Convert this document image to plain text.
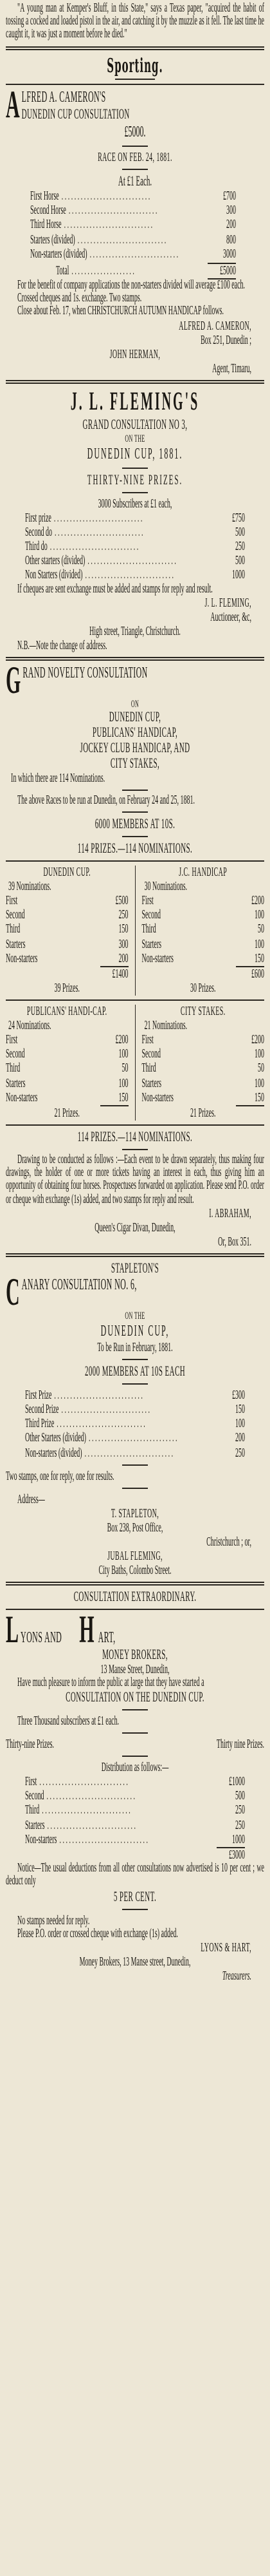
"A young man at Kemper's Bluff, in this State," says a Texas paper, "acquired the habit of tossing a cocked and loaded pistol in the air, and catching it by the muzzle as it fell. The last time he caught it, it was just a moment before he died."

Sporting.

A LFRED A. CAMERON'S
DUNEDIN CUP CONSULTATION

£5000.

RACE ON FEB. 24, 1881.

At £1 Each.

First Horse . . . . . . . . . . . . . . . . . . . . . . . . . . . .	£700
Second Horse . . . . . . . . . . . . . . . . . . . . . . . . . . . .	300
Third Horse . . . . . . . . . . . . . . . . . . . . . . . . . . . .	200
Starters (divided) . . . . . . . . . . . . . . . . . . . . . . . . . . . .	800
Non-starters (divided) . . . . . . . . . . . . . . . . . . . . . . . . . . . .	3000
Total . . . . . . . . . . . . . . . . . . . .	£5000

For the benefit of company applications the non-starters divided will average £100 each.

Crossed cheques and 1s. exchange. Two stamps.

Close about Feb. 17, when CHRISTCHURCH AUTUMN HANDICAP follows.

ALFRED A. CAMERON,

Box 251, Dunedin ;

JOHN HERMAN,

Agent, Timaru,

J. L. FLEMING'S

GRAND CONSULTATION NO 3,

ON THE

DUNEDIN CUP, 1881.

THIRTY-NINE PRIZES.

3000 Subscribers at £1 each,

First prize . . . . . . . . . . . . . . . . . . . . . . . . . . . .	£750
Second do . . . . . . . . . . . . . . . . . . . . . . . . . . . .	500
Third do . . . . . . . . . . . . . . . . . . . . . . . . . . . .	250
Other starters (divided) . . . . . . . . . . . . . . . . . . . . . . . . . . . .	500
Non Starters (divided) . . . . . . . . . . . . . . . . . . . . . . . . . . . .	1000

If cheques are sent exchange must be added and stamps for reply and result.

J. L. FLEMING,

Auctioneer, &c,

High street, Triangle, Christchurch.

N.B.—Note the change of address.

G RAND NOVELTY CONSULTATION

ON

DUNEDIN CUP,

PUBLICANS' HANDICAP,

JOCKEY CLUB HANDICAP, AND

CITY STAKES,

In which there are 114 Nominations.

The above Races to be run at Dunedin, on February 24 and 25, 1881.

6000 MEMBERS AT 10S.

114 PRIZES.—114 NOMINATIONS.

DUNEDIN CUP.

39 Nominations.

First	£500
Second	250
Third	150
Starters	300
Non-starters	200
£1400

39 Prizes.

J.C. HANDICAP

30 Nominations.

First	£200
Second	100
Third	50
Starters	100
Non-starters	150
£600

30 Prizes.

PUBLICANS' HANDI-CAP.

24 Nominations.

First	£200
Second	100
Third	50
Starters	100
Non-starters	150

21 Prizes.

CITY STAKES.

21 Nominations.

First	£200
Second	100
Third	50
Starters	100
Non-starters	150

21 Prizes.

114 PRIZES.—114 NOMINATIONS.

Drawing to be conducted as follows :—Each event to be drawn separately, thus making four drawings, the holder of one or more tickets having an interest in each, thus giving him an opportunity of obtaining four horses. Prospectuses forwarded on application. Please send P.O. order or cheque with exchange (1s) added, and two stamps for reply and result.

I. ABRAHAM,

Queen's Cigar Divan, Dunedin,

Or, Box 351.

STAPLETON'S

C ANARY CONSULTATION NO. 6,

ON THE

DUNEDIN CUP,

To be Run in February, 1881.

2000 MEMBERS AT 10S EACH

First Prize . . . . . . . . . . . . . . . . . . . . . . . . . . . .	£300
Second Prize . . . . . . . . . . . . . . . . . . . . . . . . . . . .	150
Third Prize . . . . . . . . . . . . . . . . . . . . . . . . . . . .	100
Other Starters (divided) . . . . . . . . . . . . . . . . . . . . . . . . . . . .	200
Non-starters (divided) . . . . . . . . . . . . . . . . . . . . . . . . . . . .	250

Two stamps, one for reply, one for results.

Address—

T. STAPLETON,

Box 238, Post Office,

Christchurch ; or,

JUBAL FLEMING,

City Baths, Colombo Street.

CONSULTATION EXTRAORDINARY.

L YONS AND H ART,

MONEY BROKERS,

13 Manse Street, Dunedin,

Have much pleasure to inform the public at large that they have started a

CONSULTATION ON THE DUNEDIN CUP.

Three Thousand subscribers at £1 each.

Thirty-nine Prizes.	Thirty nine Prizes.

Distribution as follows:—

First . . . . . . . . . . . . . . . . . . . . . . . . . . . .	£1000
Second . . . . . . . . . . . . . . . . . . . . . . . . . . . .	500
Third . . . . . . . . . . . . . . . . . . . . . . . . . . . .	250
Starters . . . . . . . . . . . . . . . . . . . . . . . . . . . .	250
Non-starters . . . . . . . . . . . . . . . . . . . . . . . . . . . .	1000
£3000

Notice—The usual deductions from all other consultations now advertised is 10 per cent ; we deduct only

5 PER CENT.

No stamps needed for reply.

Please P.O. order or crossed cheque with exchange (1s) added.

LYONS & HART,

Money Brokers, 13 Manse street, Dunedin,

Treasurers.
